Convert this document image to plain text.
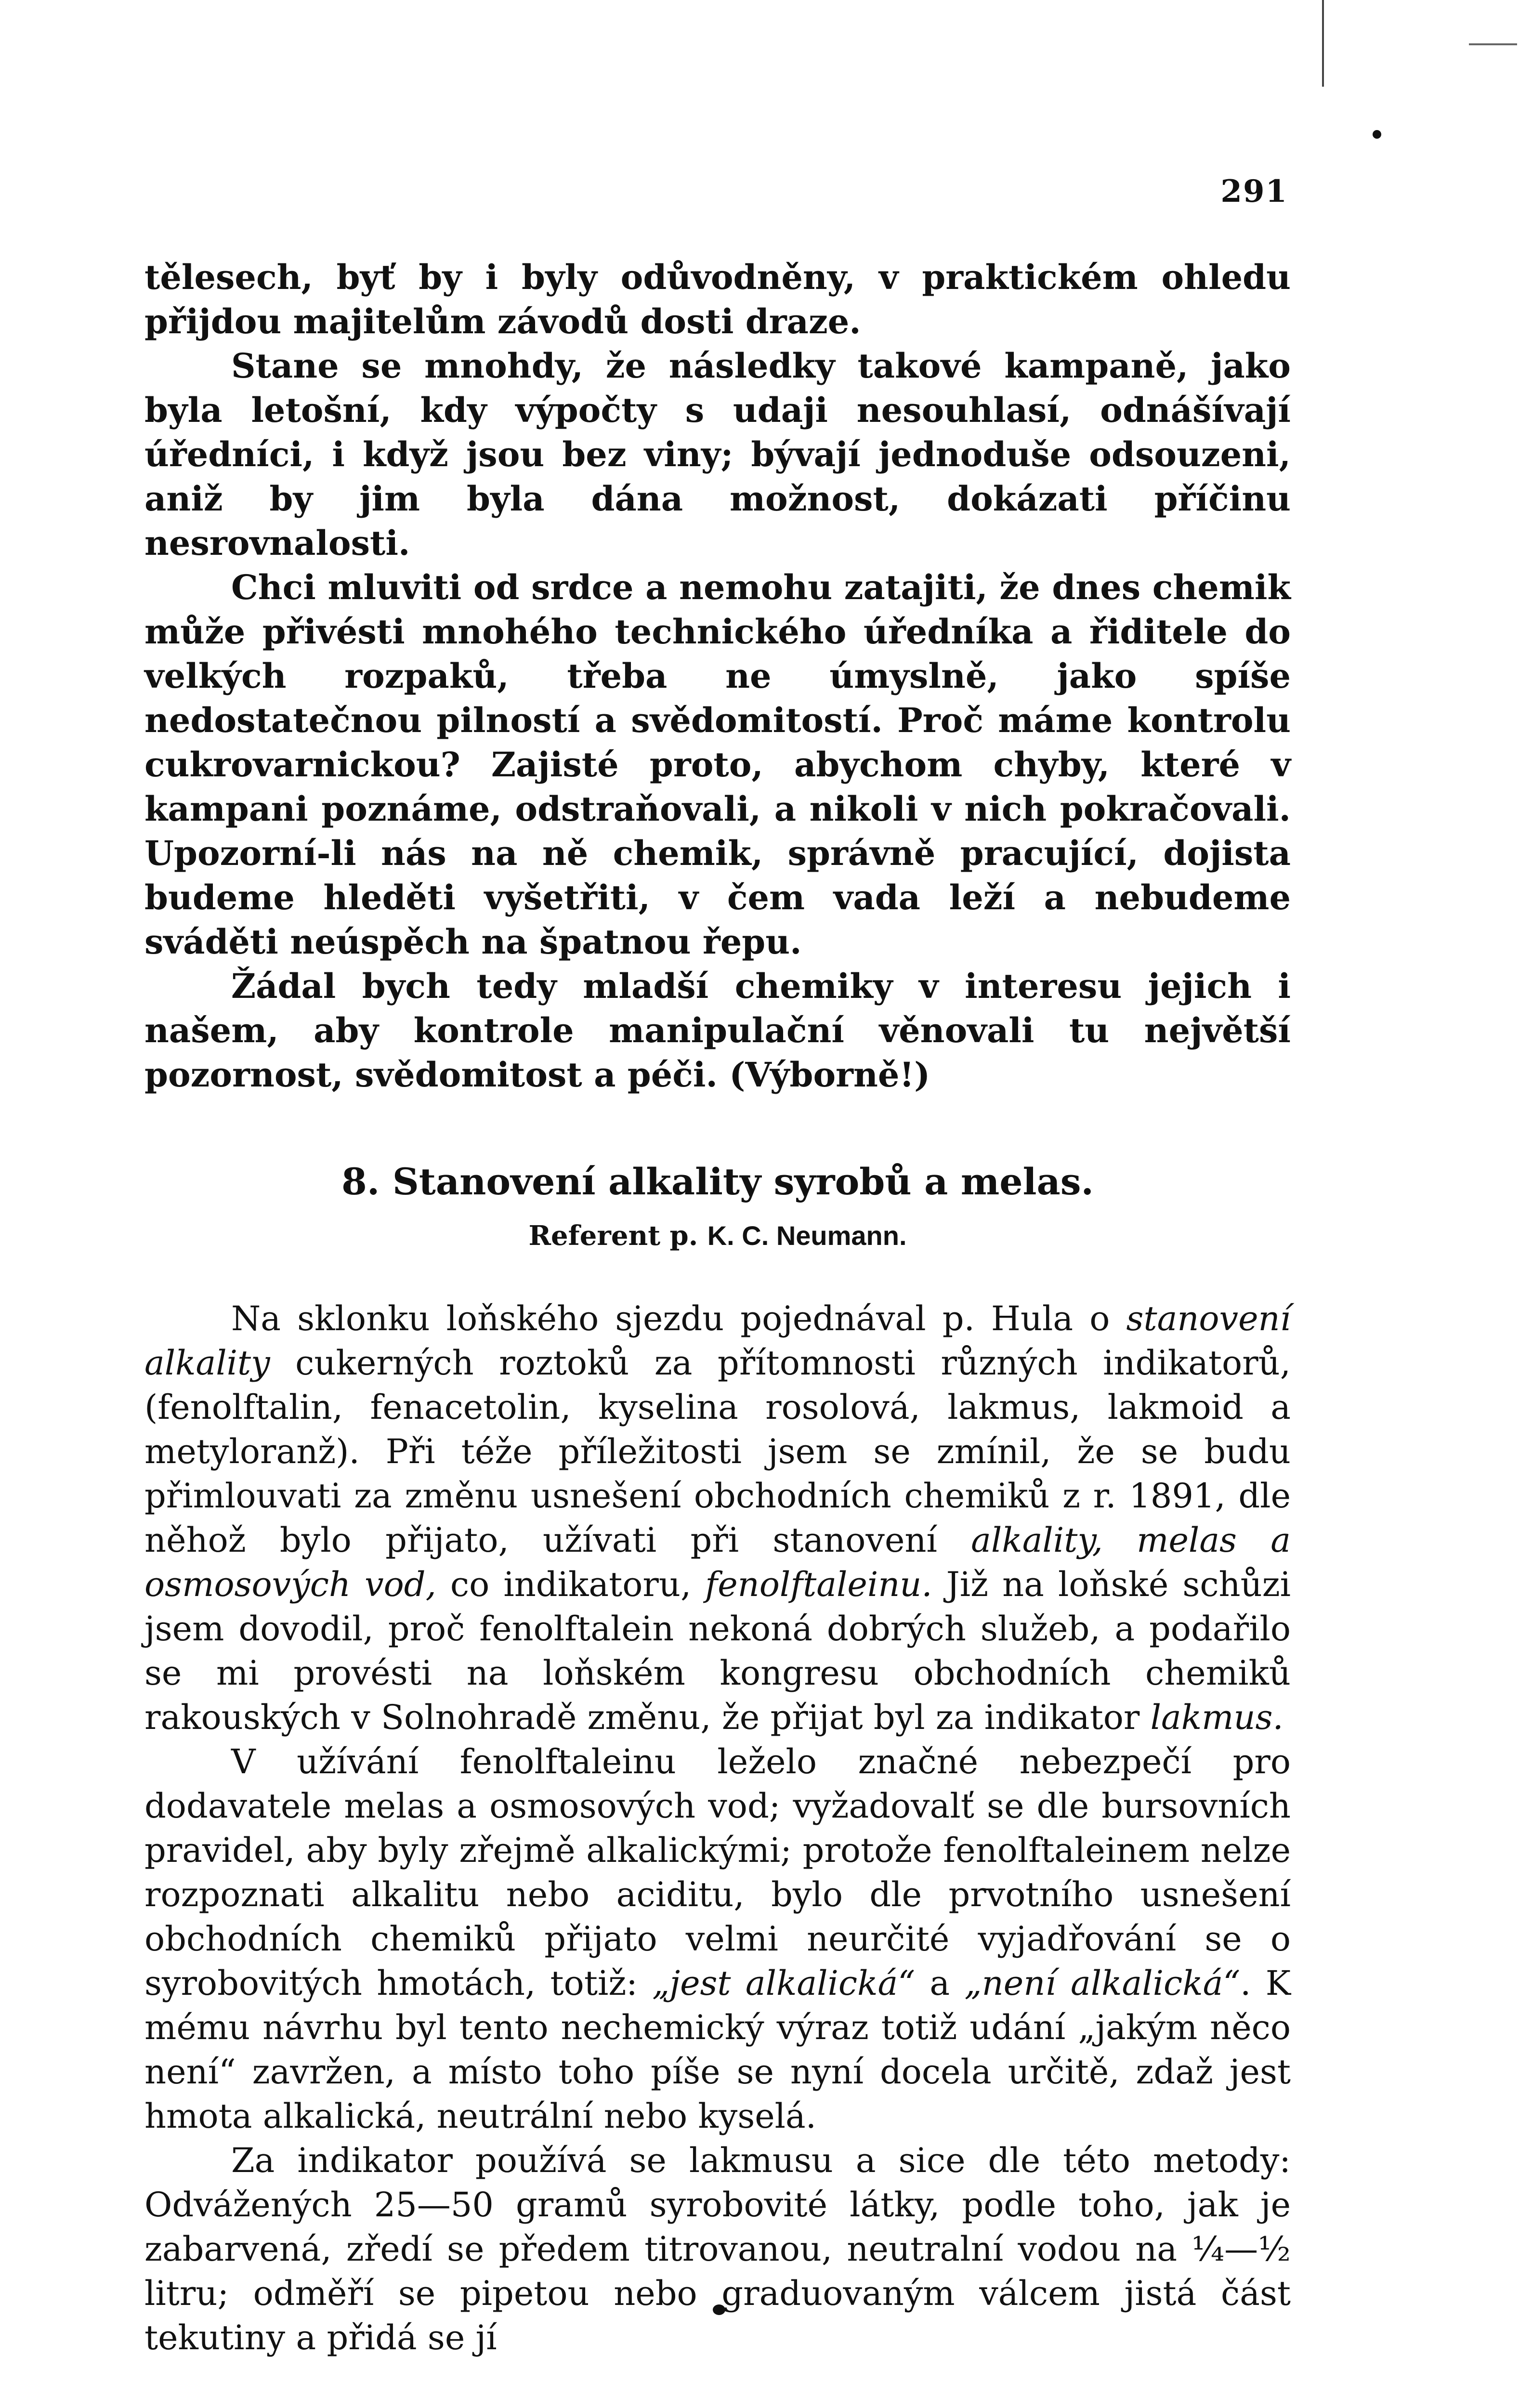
291

tělesech, byť by i byly odůvodněny, v praktickém ohledu přijdou majitelům závodů dosti draze.

Stane se mnohdy, že následky takové kampaně, jako byla letošní, kdy výpočty s udaji nesouhlasí, odnášívají úředníci, i když jsou bez viny; bývají jednoduše odsouzeni, aniž by jim byla dána možnost, dokázati příčinu nesrovnalosti.

Chci mluviti od srdce a nemohu zatajiti, že dnes chemik může přivésti mnohého technického úředníka a řiditele do velkých rozpaků, třeba ne úmyslně, jako spíše nedostatečnou pilností a svědomitostí. Proč máme kontrolu cukrovarnickou? Zajisté proto, abychom chyby, které v kampani poznáme, odstraňovali, a nikoli v nich pokračovali. Upozorní-li nás na ně chemik, správně pracující, dojista budeme hleděti vyšetřiti, v čem vada leží a nebudeme sváděti neúspěch na špatnou řepu.

Žádal bych tedy mladší chemiky v interesu jejich i našem, aby kontrole manipulační věnovali tu největší pozornost, svědomitost a péči. (Výborně!)

8. Stanovení alkality syrobů a melas.

Referent p. K. C. Neumann.

Na sklonku loňského sjezdu pojednával p. Hula o stanovení alkality cukerných roztoků za přítomnosti různých indikatorů, (fenolftalin, fenacetolin, kyselina rosolová, lakmus, lakmoid a metyloranž). Při téže příležitosti jsem se zmínil, že se budu přimlouvati za změnu usnešení obchodních chemiků z r. 1891, dle něhož bylo přijato, užívati při stanovení alkality, melas a osmosových vod, co indikatoru, fenolftaleinu. Již na loňské schůzi jsem dovodil, proč fenolftalein nekoná dobrých služeb, a podařilo se mi provésti na loňském kongresu obchodních chemiků rakouských v Solnohradě změnu, že přijat byl za indikator lakmus.

V užívání fenolftaleinu leželo značné nebezpečí pro dodavatele melas a osmosových vod; vyžadovalť se dle bursovních pravidel, aby byly zřejmě alkalickými; protože fenolftaleinem nelze rozpoznati alkalitu nebo aciditu, bylo dle prvotního usnešení obchodních chemiků přijato velmi neurčité vyjadřování se o syrobovitých hmotách, totiž: „jest alkalická“ a „není alkalická“. K mému návrhu byl tento nechemický výraz totiž udání „jakým něco není“ zavržen, a místo toho píše se nyní docela určitě, zdaž jest hmota alkalická, neutrální nebo kyselá.

Za indikator používá se lakmusu a sice dle této metody: Odvážených 25—50 gramů syrobovité látky, podle toho, jak je zabarvená, zředí se předem titrovanou, neutralní vodou na ¼—½ litru; odměří se pipetou nebo graduovaným válcem jistá část tekutiny a přidá se jí
